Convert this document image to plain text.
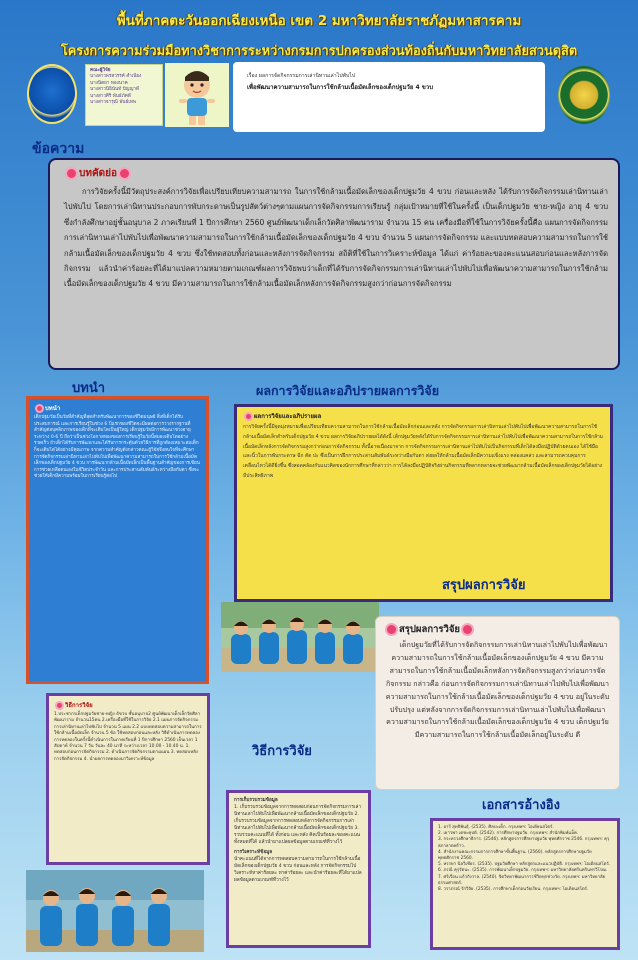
พื้นที่ภาคตะวันออกเฉียงเหนือ เขต 2 มหาวิทยาลัยราชภัฏมหาสารคาม
โครงการความร่วมมือทางวิชาการระหว่างกรมการปกครองส่วนท้องถิ่นกับมหาวิทยาลัยสวนดุสิต
คณะผู้วิจัย
นางสาวพรสวรรค์ สำเนียง
นางนิตยา ทองนาค
นางสาวนิธินันท์ ปัญญาดี
นางสาวศิริ พันธ์ภัคดี
นางสาวจารุณี พันธ์เทพ
เรื่อง ผลการจัดกิจกรรมการเล่านิทานเล่าไปพับไป
เพื่อพัฒนาความสามารถในการใช้กล้ามเนื้อมัดเล็กของเด็กปฐมวัย 4 ขวบ
ข้อความ
บทคัดย่อ
การวิจัยครั้งนี้มีวัตถุประสงค์การวิจัยเพื่อเปรียบเทียบความสามารถ ในการใช้กล้ามเนื้อมัดเล็กของเด็กปฐมวัย 4 ขวบ ก่อนและหลัง ได้รับการจัดกิจกรรมเล่านิทานเล่าไปพับไป โดยการเล่านิทานประกอบการพับกระดาษเป็นรูปสัตว์ต่างๆตามแผนการจัดกิจกรรมการเรียนรู้ กลุ่มเป้าหมายที่ใช้ในครั้งนี้ เป็นเด็กปฐมวัย ชาย-หญิง อายุ 4 ขวบ ซึ่งกำลังศึกษาอยู่ชั้นอนุบาล 2 ภาคเรียนที่ 1 ปีการศึกษา 2560 ศูนย์พัฒนาเด็กเล็กวัดศิลาพัฒนาราม จำนวน 15 คน เครื่องมือที่ใช้ในการวิจัยครั้งนี้คือ แผนการจัดกิจกรรมการเล่านิทานเล่าไปพับไปเพื่อพัฒนาความสามารถในการใช้กล้ามเนื้อมัดเล็กของเด็กปฐมวัย 4 ขวบ จำนวน 5 แผนการจัดกิจกรรม และแบบทดสอบความสามารถในการใช้กล้ามเนื้อมัดเล็กของเด็กปฐมวัย 4 ขวบ ซึ่งใช้ทดสอบทั้งก่อนและหลังการจัดกิจกรรม สถิติที่ใช้ในการวิเคราะห์ข้อมูล ได้แก่ ค่าร้อยละของคะแนนสอบก่อนและหลังการจัดกิจกรรม แล้วนำค่าร้อยละที่ได้มาแปลความหมายตามเกณฑ์ผลการวิจัยพบว่าเด็กที่ได้รับการจัดกิจกรรมการเล่านิทานเล่าไปพับไปเพื่อพัฒนาความสามารถในการใช้กล้ามเนื้อมัดเล็กของเด็กปฐมวัย 4 ขวบ มีความสามารถในการใช้กล้ามเนื้อมัดเล็กหลังการจัดกิจกรรมสูงกว่าก่อนการจัดกิจกรรม
บทนำ
บทนำ
เด็กปฐมวัยเป็นวัยที่สำคัญที่สุดสำหรับพัฒนาการของชีวิตมนุษย์ สิ่งที่เด็กได้รับประสบการณ์ และการเรียนรู้ในช่วง 6 ปีแรกของชีวิตจะมีผลต่อการวางรากฐานที่สำคัญต่อบุคลิกภาพของเด็กที่จะเติบโตเป็นผู้ใหญ่ เด็กปฐมวัยมีการพัฒนาช่วงอายุระหว่าง 0-6 ปี ถือว่าเป็นช่วงโอกาสทองของการเรียนรู้ในวัยนี้สมองเติบโตอย่างรวดเร็ว ถ้าเด็กได้รับการพัฒนาและได้รับการกระตุ้นด้วยวิธีการที่ถูกต้องเหมาะสมเด็กก็จะเติบโตได้อย่างมีคุณภาพ จากความสำคัญดังกล่าวคณะผู้วิจัยจึงสนใจที่จะศึกษาการจัดกิจกรรมเล่านิทานเล่าไปพับไปเพื่อพัฒนาความสามารถในการใช้กล้ามเนื้อมัดเล็กของเด็กปฐมวัย 4 ขวบ การพัฒนากล้ามเนื้อมัดเล็กเป็นพื้นฐานสำคัญของการเขียน การช่วยเหลือตนเองในชีวิตประจำวัน และการประสานสัมพันธ์ระหว่างมือกับตา ซึ่งจะช่วยให้เด็กมีความพร้อมในการเรียนรู้ต่อไป
ผลการวิจัยและอภิปรายผลการวิจัย
ผลการวิจัยและอภิปรายผล
การวิจัยครั้งนี้มีจุดมุ่งหมายเพื่อเปรียบเทียบความสามารถในการใช้กล้ามเนื้อมัดเล็กก่อนและหลัง การจัดกิจกรรมการเล่านิทานเล่าไปพับไปเพื่อพัฒนาความสามารถในการใช้กล้ามเนื้อมัดเล็กสำหรับเด็กปฐมวัย 4 ขวบ ผลการวิจัยอภิปรายผลได้ดังนี้ เด็กปฐมวัยหลังได้รับการจัดกิจกรรมการเล่านิทานเล่าไปพับไปเพื่อพัฒนาความสามารถในการใช้กล้ามเนื้อมัดเล็กหลังการจัดกิจกรรมสูงกว่าก่อนการจัดกิจกรรม ทั้งนี้อาจเนื่องมาจาก การจัดกิจกรรมการเล่านิทานเล่าไปพับไปเป็นกิจกรรมที่เด็กได้ลงมือปฏิบัติด้วยตนเอง ได้ใช้มือและนิ้วในการพับกระดาษ ฉีก ตัด ปะ ซึ่งเป็นการฝึกการประสานสัมพันธ์ระหว่างมือกับตา ส่งผลให้กล้ามเนื้อมัดเล็กมีความแข็งแรง คล่องแคล่ว และสามารถควบคุมการเคลื่อนไหวได้ดียิ่งขึ้น ซึ่งสอดคล้องกับแนวคิดของนักการศึกษาที่กล่าวว่า การได้ลงมือปฏิบัติจริงผ่านกิจกรรมที่หลากหลายจะช่วยพัฒนากล้ามเนื้อมัดเล็กของเด็กปฐมวัยได้อย่างมีประสิทธิภาพ
สรุปผลการวิจัย
สรุปผลการวิจัย
เด็กปฐมวัยที่ได้รับการจัดกิจกรรมการเล่านิทานเล่าไปพับไปเพื่อพัฒนาความสามารถในการใช้กล้ามเนื้อมัดเล็กของเด็กปฐมวัย 4 ขวบ มีความสามารถในการใช้กล้ามเนื้อมัดเล็กหลังการจัดกิจกรรมสูงกว่าก่อนการจัดกิจกรรม กล่าวคือ ก่อนการจัดกิจกรรมการเล่านิทานเล่าไปพับไปเพื่อพัฒนาความสามารถในการใช้กล้ามเนื้อมัดเล็กของเด็กปฐมวัย 4 ขวบ อยู่ในระดับ ปรับปรุง แต่หลังจากการจัดกิจกรรมการเล่านิทานเล่าไปพับไปเพื่อพัฒนาความสามารถในการใช้กล้ามเนื้อมัดเล็กของเด็กปฐมวัย 4 ขวบ เด็กปฐมวัยมีความสามารถในการใช้กล้ามเนื้อมัดเล็กอยู่ในระดับ ดี
วิธีการวิจัย
1.ประชากรเด็กปฐมวัยชาย-หญิง 4ขวบ ชั้นอนุบาล2 ศูนย์พัฒนาเด็กเล็กวัดศิลาพัฒนาราม จำนวน15คน 2.เครื่องมือที่ใช้ในการวิจัย 2.1 แผนการจัดกิจกรรมการเล่านิทานเล่าไปพับไป จำนวน 5 แผน 2.2 แบบทดสอบความสามารถในการใช้กล้ามเนื้อมัดเล็ก จำนวน 5 ข้อ ใช้ทดสอบก่อนและหลัง วิธีดำเนินการทดลอง การทดลองในครั้งนี้ดำเนินการในภาคเรียนที่ 1 ปีการศึกษา 2560 เป็นเวลา 1 สัปดาห์ จำนวน 7 วัน วันละ 40 นาที ระหว่างเวลา 10.00 - 10.40 น. 1. ทดสอบก่อนการจัดกิจกรรม 2. ดำเนินการจัดกิจกรรมตามแผน 3. ทดสอบหลังการจัดกิจกรรม 4. นำผลการทดลองมาวิเคราะห์ข้อมูล
วิธีการวิจัย
การเก็บรวบรวมข้อมูล
1. เก็บรวบรวมข้อมูลจากการทดสอบก่อนการจัดกิจกรรมการเล่านิทานเล่าไปพับไปเพื่อพัฒนากล้ามเนื้อมัดเล็กของเด็กปฐมวัย 2. เก็บรวบรวมข้อมูลจากการทดสอบหลังการจัดกิจกรรมการเล่านิทานเล่าไปพับไปเพื่อพัฒนากล้ามเนื้อมัดเล็กของเด็กปฐมวัย 3. รวบรวมคะแนนที่ได้ ทั้งก่อน และหลัง คิดเป็นร้อยละของคะแนนทั้งหมดที่ได้ แล้วนำมาแปลผลข้อมูลตามเกณฑ์ที่วางไว้
การวิเคราะห์ข้อมูล
นำคะแนนที่ได้จากการทดสอบความสามารถในการใช้กล้ามเนื้อมัดเล็กของเด็กปฐมวัย 4 ขวบ ก่อนและหลัง การจัดกิจกรรมไปวิเคราะห์หาค่าร้อยละ หาค่าร้อยละ และนำค่าร้อยละที่ได้มาแปลผลข้อมูลตามเกณฑ์ที่วางไว้
เอกสารอ้างอิง
1. อารี สุทธิพันธุ์. (2535). ศิลปะเด็ก. กรุงเทพฯ: โอเดียนสโตร์.
2. เยาวพา เดชะคุปต์. (2542). การศึกษาปฐมวัย. กรุงเทพฯ: สำนักพิมพ์แม็ค.
3. กระทรวงศึกษาธิการ. (2546). หลักสูตรการศึกษาปฐมวัย พุทธศักราช 2546. กรุงเทพฯ: คุรุสภาลาดพร้าว.
4. สำนักงานคณะกรรมการการศึกษาขั้นพื้นฐาน. (2560). หลักสูตรการศึกษาปฐมวัย พุทธศักราช 2560.
5. หรรษา นิลวิเชียร. (2535). ปฐมวัยศึกษา หลักสูตรและแนวปฏิบัติ. กรุงเทพฯ: โอเดียนสโตร์.
6. ภรณี คุรุรัตนะ. (2535). การพัฒนาเด็กปฐมวัย. กรุงเทพฯ: มหาวิทยาลัยศรีนครินทรวิโรฒ.
7. ศรีเรือน แก้วกังวาล. (2540). จิตวิทยาพัฒนาการชีวิตทุกช่วงวัย. กรุงเทพฯ: มหาวิทยาลัยธรรมศาสตร์.
8. วราภรณ์ รักวิจัย. (2535). การศึกษาเด็กก่อนวัยเรียน. กรุงเทพฯ: โอเดียนสโตร์.
